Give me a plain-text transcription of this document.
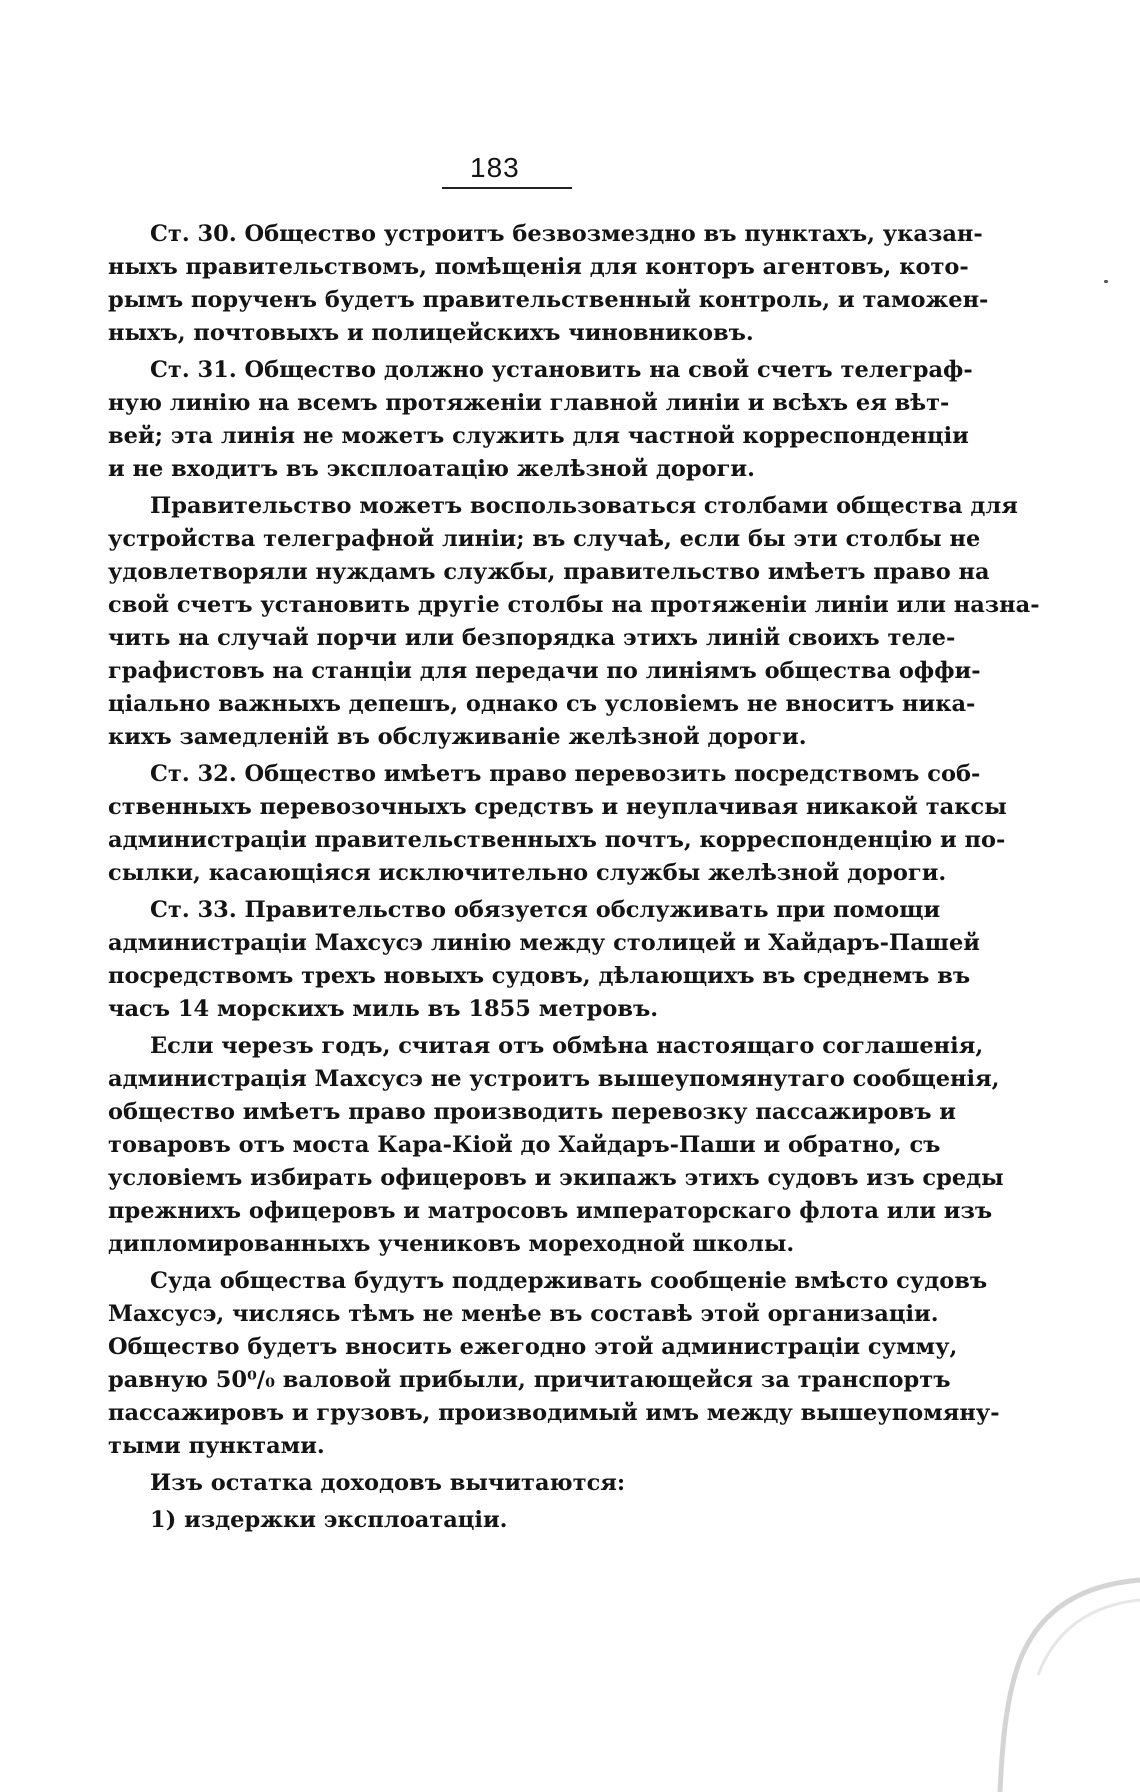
183
Ст. 30. Общество устроитъ безвозмездно въ пунктахъ, указан-
ныхъ правительствомъ, помѣщенія для конторъ агентовъ, кото-
рымъ порученъ будетъ правительственный контроль, и таможен-
ныхъ, почтовыхъ и полицейскихъ чиновниковъ.
Ст. 31. Общество должно установить на свой счетъ телеграф-
ную линію на всемъ протяженіи главной линіи и всѣхъ ея вѣт-
вей; эта линія не можетъ служить для частной корреспонденціи
и не входитъ въ эксплоатацію желѣзной дороги.
Правительство можетъ воспользоваться столбами общества для
устройства телеграфной линіи; въ случаѣ, если бы эти столбы не
удовлетворяли нуждамъ службы, правительство имѣетъ право на
свой счетъ установить другіе столбы на протяженіи линіи или назна-
чить на случай порчи или безпорядка этихъ линій своихъ теле-
графистовъ на станціи для передачи по линіямъ общества оффи-
ціально важныхъ депешъ, однако съ условіемъ не вноситъ никa-
кихъ замедленій въ обслуживаніе желѣзной дороги.
Ст. 32. Общество имѣетъ право перевозить посредствомъ соб-
ственныхъ перевозочныхъ средствъ и неуплачивая никакой таксы
администраціи правительственныхъ почтъ, корреспонденцію и по-
сылки, касающіяся исключительно службы желѣзной дороги.
Ст. 33. Правительство обязуется обслуживать при помощи
администраціи Махсусэ линію между столицей и Хайдаръ-Пашей
посредствомъ трехъ новыхъ судовъ, дѣлающихъ въ среднемъ въ
часъ 14 морскихъ миль въ 1855 метровъ.
Если черезъ годъ, считая отъ обмѣна настоящаго соглашенія,
администрація Махсусэ не устроитъ вышеупомянутаго сообщенія,
общество имѣетъ право производить перевозку пассажировъ и
товаровъ отъ моста Кара-Кіой до Хайдаръ-Паши и обратно, съ
условіемъ избирать офицеровъ и экипажъ этихъ судовъ изъ среды
прежнихъ офицеровъ и матросовъ императорскаго флота или изъ
дипломированныхъ учениковъ мореходной школы.
Суда общества будутъ поддерживать сообщеніе вмѣсто судовъ
Махсусэ, числясь тѣмъ не менѣе въ составѣ этой организаціи.
Общество будетъ вносить ежегодно этой администраціи сумму,
равную 50⁰/₀ валовой прибыли, причитающейся за транспортъ
пассажировъ и грузовъ, производимый имъ между вышеупомяну-
тыми пунктами.
Изъ остатка доходовъ вычитаются:
1) издержки эксплоатаціи.
